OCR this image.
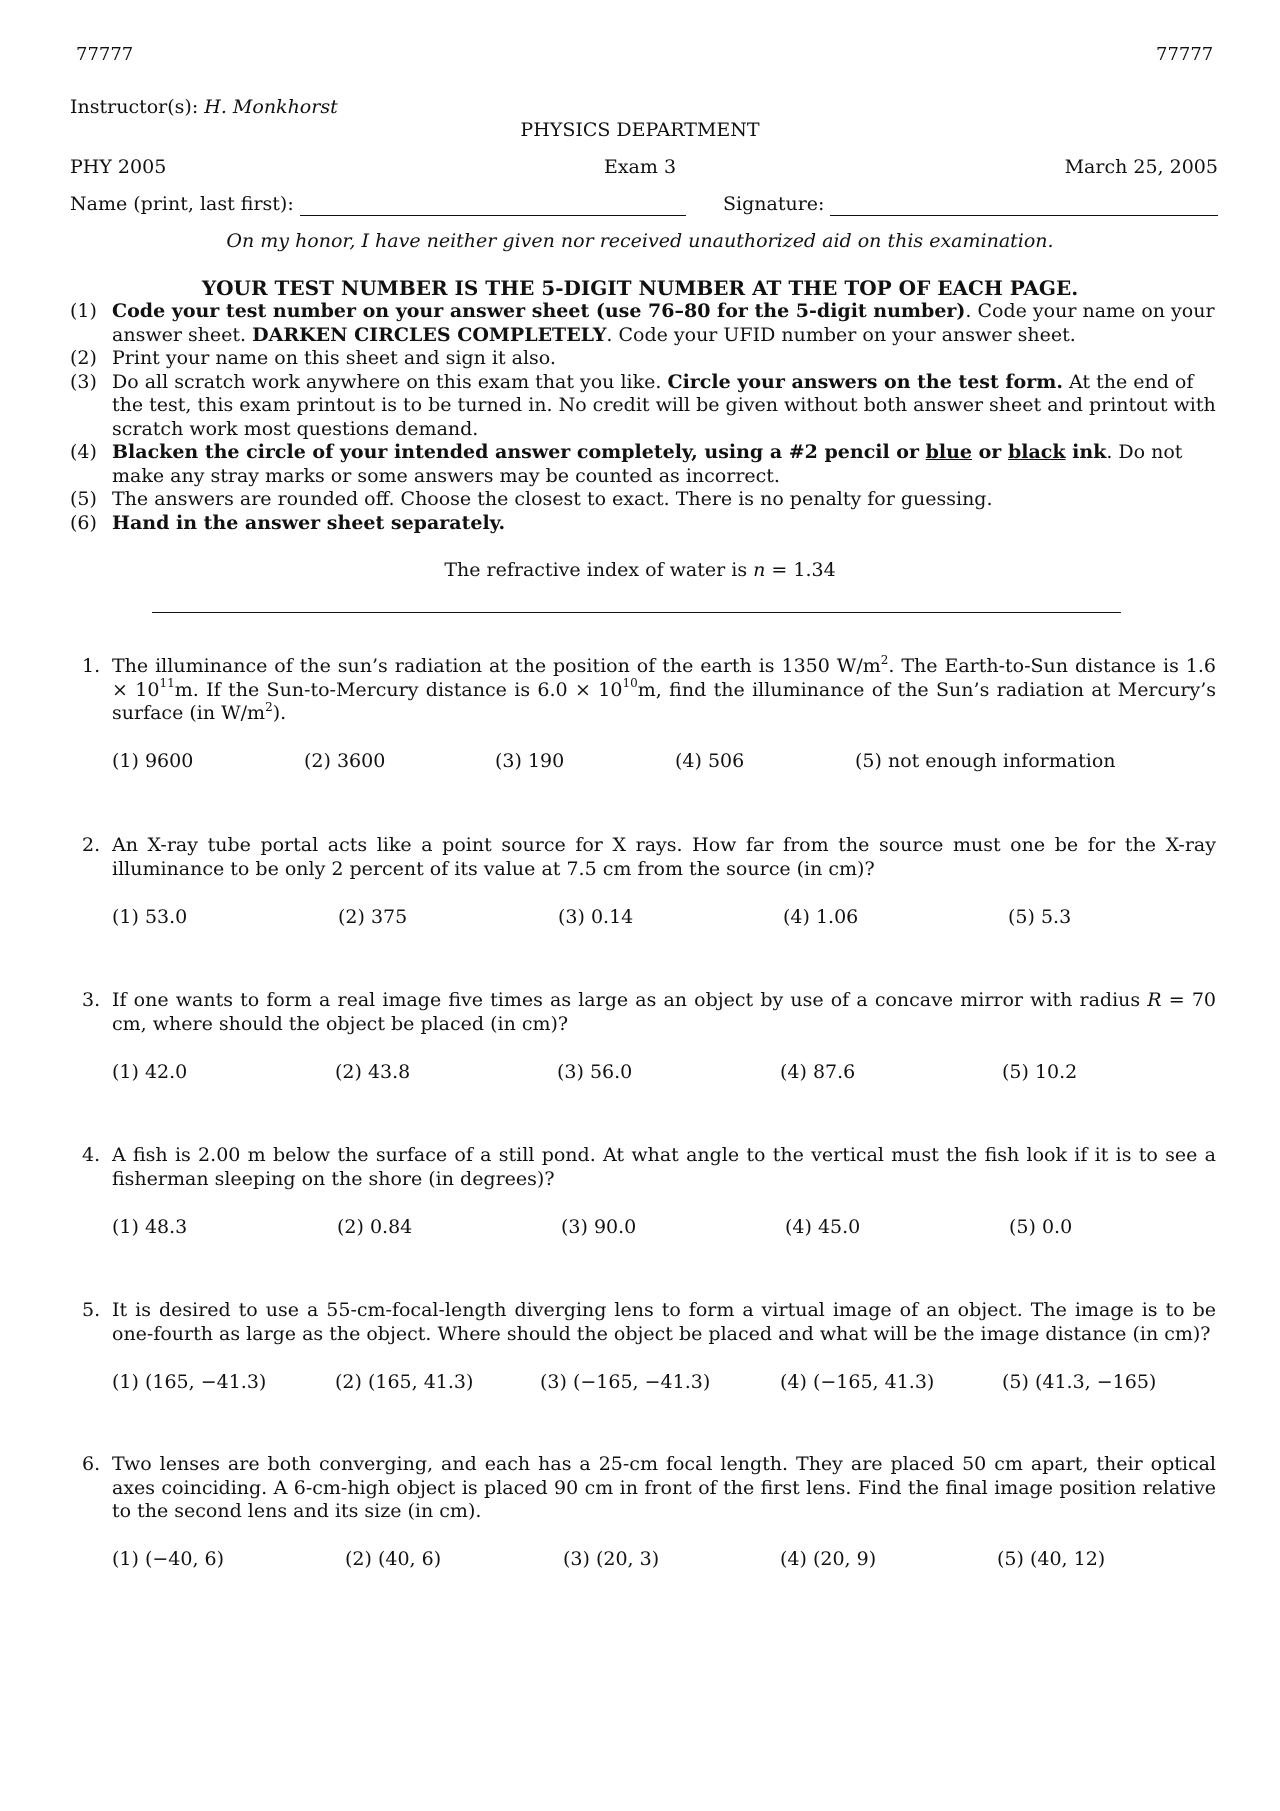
77777	77777
Instructor(s): H. Monkhorst
PHYSICS DEPARTMENT
PHY 2005	Exam 3	March 25, 2005
Name (print, last first):	Signature:
On my honor, I have neither given nor received unauthorized aid on this examination.
YOUR TEST NUMBER IS THE 5-DIGIT NUMBER AT THE TOP OF EACH PAGE.
(1) Code your test number on your answer sheet (use 76–80 for the 5-digit number). Code your name on your answer sheet. DARKEN CIRCLES COMPLETELY. Code your UFID number on your answer sheet.
(2) Print your name on this sheet and sign it also.
(3) Do all scratch work anywhere on this exam that you like. Circle your answers on the test form. At the end of the test, this exam printout is to be turned in. No credit will be given without both answer sheet and printout with scratch work most questions demand.
(4) Blacken the circle of your intended answer completely, using a #2 pencil or blue or black ink. Do not make any stray marks or some answers may be counted as incorrect.
(5) The answers are rounded off. Choose the closest to exact. There is no penalty for guessing.
(6) Hand in the answer sheet separately.
The refractive index of water is n = 1.34
1. The illuminance of the sun’s radiation at the position of the earth is 1350 $W/m^2$. The Earth-to-Sun distance is $1.6 \times 10^{11}m$. If the Sun-to-Mercury distance is $6.0 \times 10^{10}m$, find the illuminance of the Sun’s radiation at Mercury’s surface (in $W/m^2$).
(1) 9600	(2) 3600	(3) 190	(4) 506	(5) not enough information
2. An X-ray tube portal acts like a point source for X rays. How far from the source must one be for the X-ray illuminance to be only 2 percent of its value at 7.5 cm from the source (in cm)?
(1) 53.0	(2) 375	(3) 0.14	(4) 1.06	(5) 5.3
3. If one wants to form a real image five times as large as an object by use of a concave mirror with radius R = 70 cm, where should the object be placed (in cm)?
(1) 42.0	(2) 43.8	(3) 56.0	(4) 87.6	(5) 10.2
4. A fish is 2.00 m below the surface of a still pond. At what angle to the vertical must the fish look if it is to see a fisherman sleeping on the shore (in degrees)?
(1) 48.3	(2) 0.84	(3) 90.0	(4) 45.0	(5) 0.0
5. It is desired to use a 55-cm-focal-length diverging lens to form a virtual image of an object. The image is to be one-fourth as large as the object. Where should the object be placed and what will be the image distance (in cm)?
(1) (165, −41.3)	(2) (165, 41.3)	(3) (−165, −41.3)	(4) (−165, 41.3)	(5) (41.3, −165)
6. Two lenses are both converging, and each has a 25-cm focal length. They are placed 50 cm apart, their optical axes coinciding. A 6-cm-high object is placed 90 cm in front of the first lens. Find the final image position relative to the second lens and its size (in cm).
(1) (−40, 6)	(2) (40, 6)	(3) (20, 3)	(4) (20, 9)	(5) (40, 12)
